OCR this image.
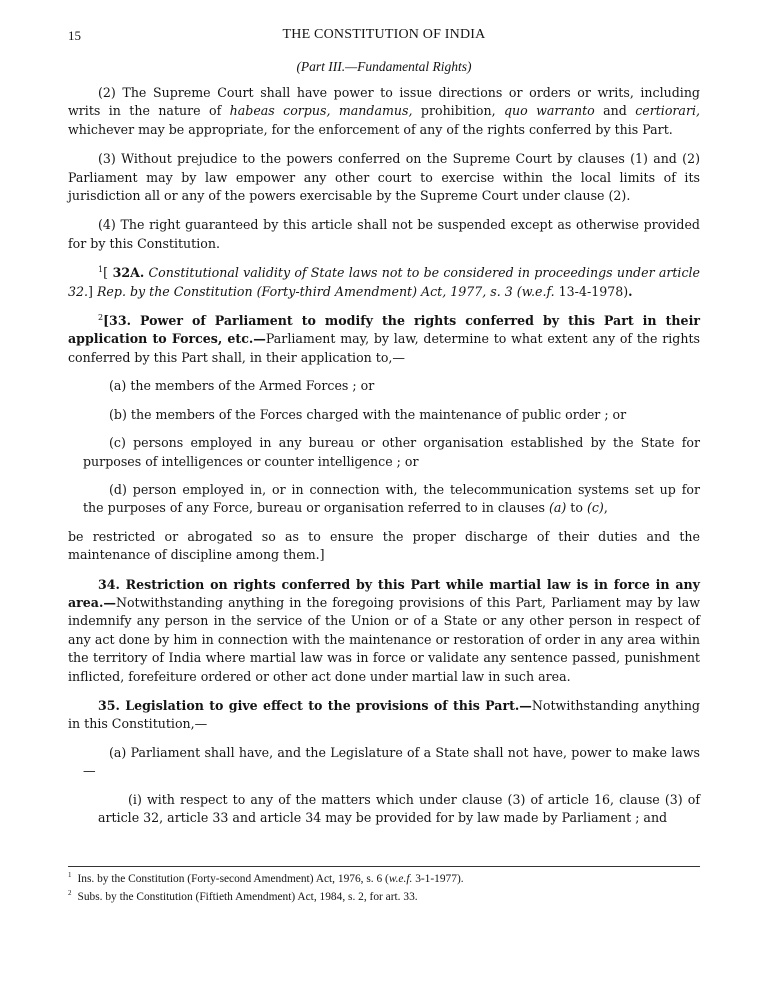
15	THE CONSTITUTION OF INDIA
(Part III.—Fundamental Rights)

(2) The Supreme Court shall have power to issue directions or orders or writs, including writs in the nature of habeas corpus, mandamus, prohibition, quo warranto and certiorari, whichever may be appropriate, for the enforcement of any of the rights conferred by this Part.

(3) Without prejudice to the powers conferred on the Supreme Court by clauses (1) and (2) Parliament may by law empower any other court to exercise within the local limits of its jurisdiction all or any of the powers exercisable by the Supreme Court under clause (2).

(4) The right guaranteed by this article shall not be suspended except as otherwise provided for by this Constitution.

$^1$[ 32A. Constitutional validity of State laws not to be considered in proceedings under article 32.] Rep. by the Constitution (Forty-third Amendment) Act, 1977, s. 3 (w.e.f. 13-4-1978).

$^2$[33. Power of Parliament to modify the rights conferred by this Part in their application to Forces, etc.—Parliament may, by law, determine to what extent any of the rights conferred by this Part shall, in their application to,—

(a) the members of the Armed Forces ; or

(b) the members of the Forces charged with the maintenance of public order ; or

(c) persons employed in any bureau or other organisation established by the State for purposes of intelligences or counter intelligence ; or

(d) person employed in, or in connection with, the telecommunication systems set up for the purposes of any Force, bureau or organisation referred to in clauses (a) to (c),

be restricted or abrogated so as to ensure the proper discharge of their duties and the maintenance of discipline among them.]

34. Restriction on rights conferred by this Part while martial law is in force in any area.—Notwithstanding anything in the foregoing provisions of this Part, Parliament may by law indemnify any person in the service of the Union or of a State or any other person in respect of any act done by him in connection with the maintenance or restoration of order in any area within the territory of India where martial law was in force or validate any sentence passed, punishment inflicted, forefeiture ordered or other act done under martial law in such area.

35. Legislation to give effect to the provisions of this Part.—Notwithstanding anything in this Constitution,—

(a) Parliament shall have, and the Legislature of a State shall not have, power to make laws—

(i) with respect to any of the matters which under clause (3) of article 16, clause (3) of article 32, article 33 and article 34 may be provided for by law made by Parliament ; and

$^1$ Ins. by the Constitution (Forty-second Amendment) Act, 1976, s. 6 (w.e.f. 3-1-1977).
$^2$ Subs. by the Constitution (Fiftieth Amendment) Act, 1984, s. 2, for art. 33.
